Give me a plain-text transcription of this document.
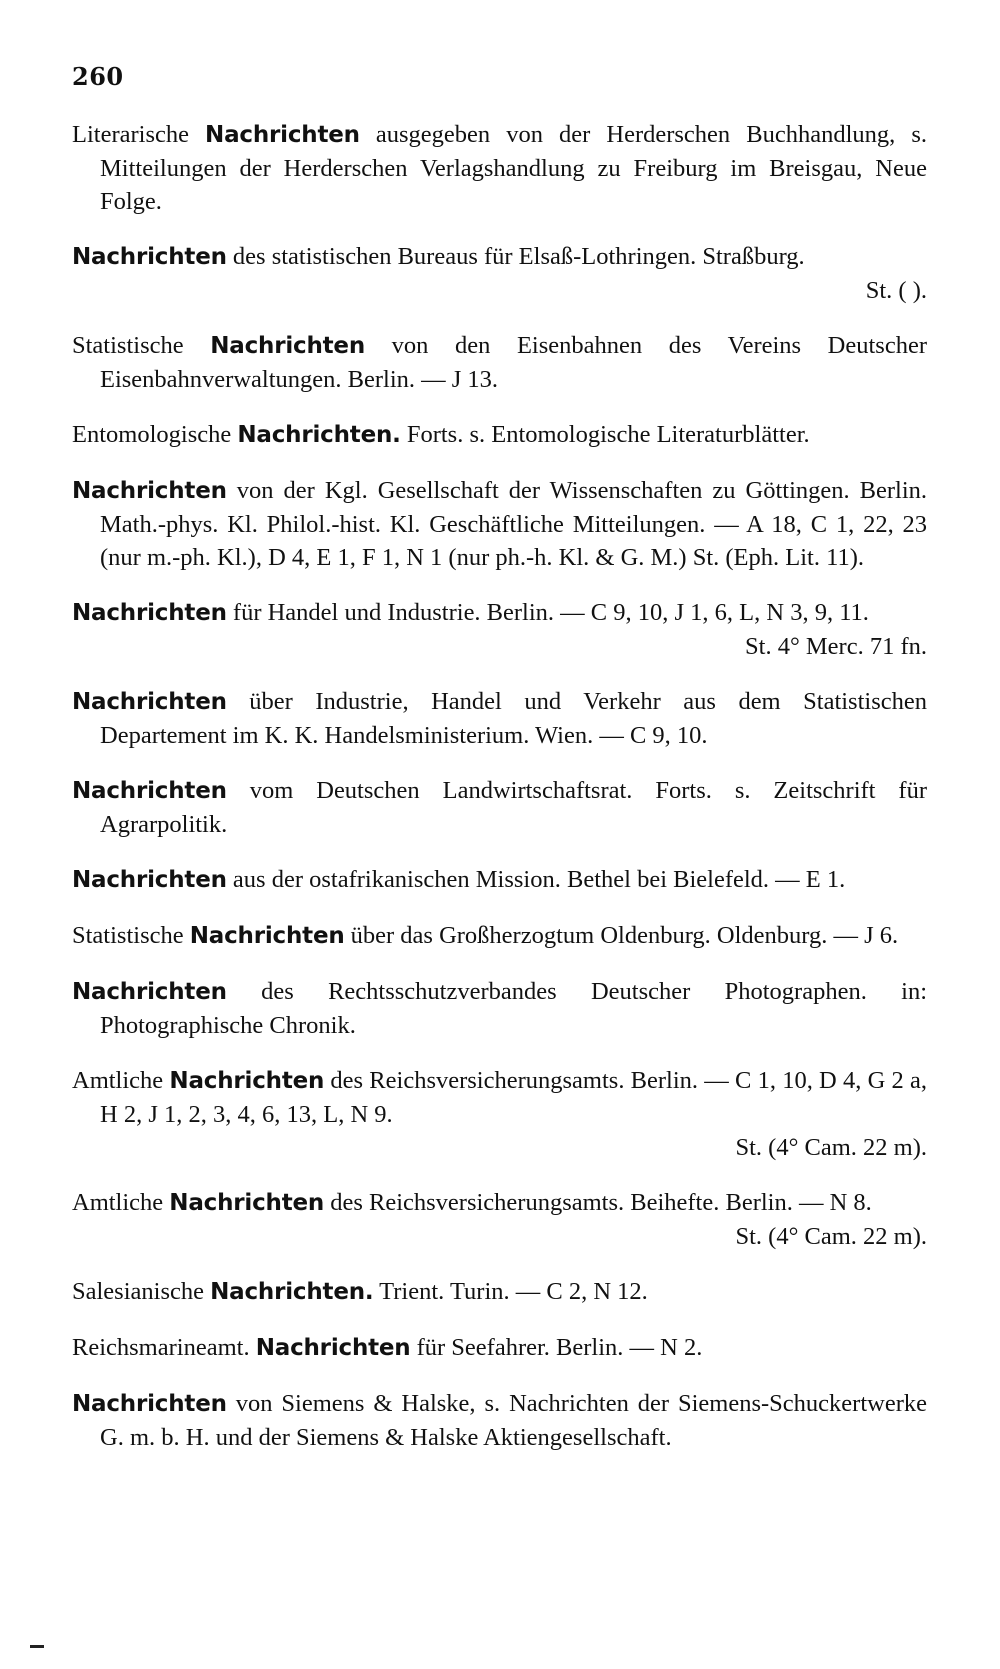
260
Literarische Nachrichten ausgegeben von der Herderschen Buchhandlung, s. Mitteilungen der Herderschen Verlagshandlung zu Freiburg im Breisgau, Neue Folge.
Nachrichten des statistischen Bureaus für Elsaß-Lothringen. Straßburg.
St. ( ).
Statistische Nachrichten von den Eisenbahnen des Vereins Deutscher Eisenbahnverwaltungen. Berlin. — J 13.
Entomologische Nachrichten. Forts. s. Entomologische Literaturblätter.
Nachrichten von der Kgl. Gesellschaft der Wissenschaften zu Göttingen. Berlin. Math.-phys. Kl. Philol.-hist. Kl. Geschäftliche Mitteilungen. — A 18, C 1, 22, 23 (nur m.-ph. Kl.), D 4, E 1, F 1, N 1 (nur ph.-h. Kl. & G. M.) St. (Eph. Lit. 11).
Nachrichten für Handel und Industrie. Berlin. — C 9, 10, J 1, 6, L, N 3, 9, 11.
St. 4° Merc. 71 fn.
Nachrichten über Industrie, Handel und Verkehr aus dem Statistischen Departement im K. K. Handelsministerium. Wien. — C 9, 10.
Nachrichten vom Deutschen Landwirtschaftsrat. Forts. s. Zeitschrift für Agrarpolitik.
Nachrichten aus der ostafrikanischen Mission. Bethel bei Bielefeld. — E 1.
Statistische Nachrichten über das Großherzogtum Oldenburg. Oldenburg. — J 6.
Nachrichten des Rechtsschutzverbandes Deutscher Photographen. in: Photographische Chronik.
Amtliche Nachrichten des Reichsversicherungsamts. Berlin. — C 1, 10, D 4, G 2 a, H 2, J 1, 2, 3, 4, 6, 13, L, N 9.
St. (4° Cam. 22 m).
Amtliche Nachrichten des Reichsversicherungsamts. Beihefte. Berlin. — N 8.
St. (4° Cam. 22 m).
Salesianische Nachrichten. Trient. Turin. — C 2, N 12.
Reichsmarineamt. Nachrichten für Seefahrer. Berlin. — N 2.
Nachrichten von Siemens & Halske, s. Nachrichten der Siemens-Schuckertwerke G. m. b. H. und der Siemens & Halske Aktiengesellschaft.
